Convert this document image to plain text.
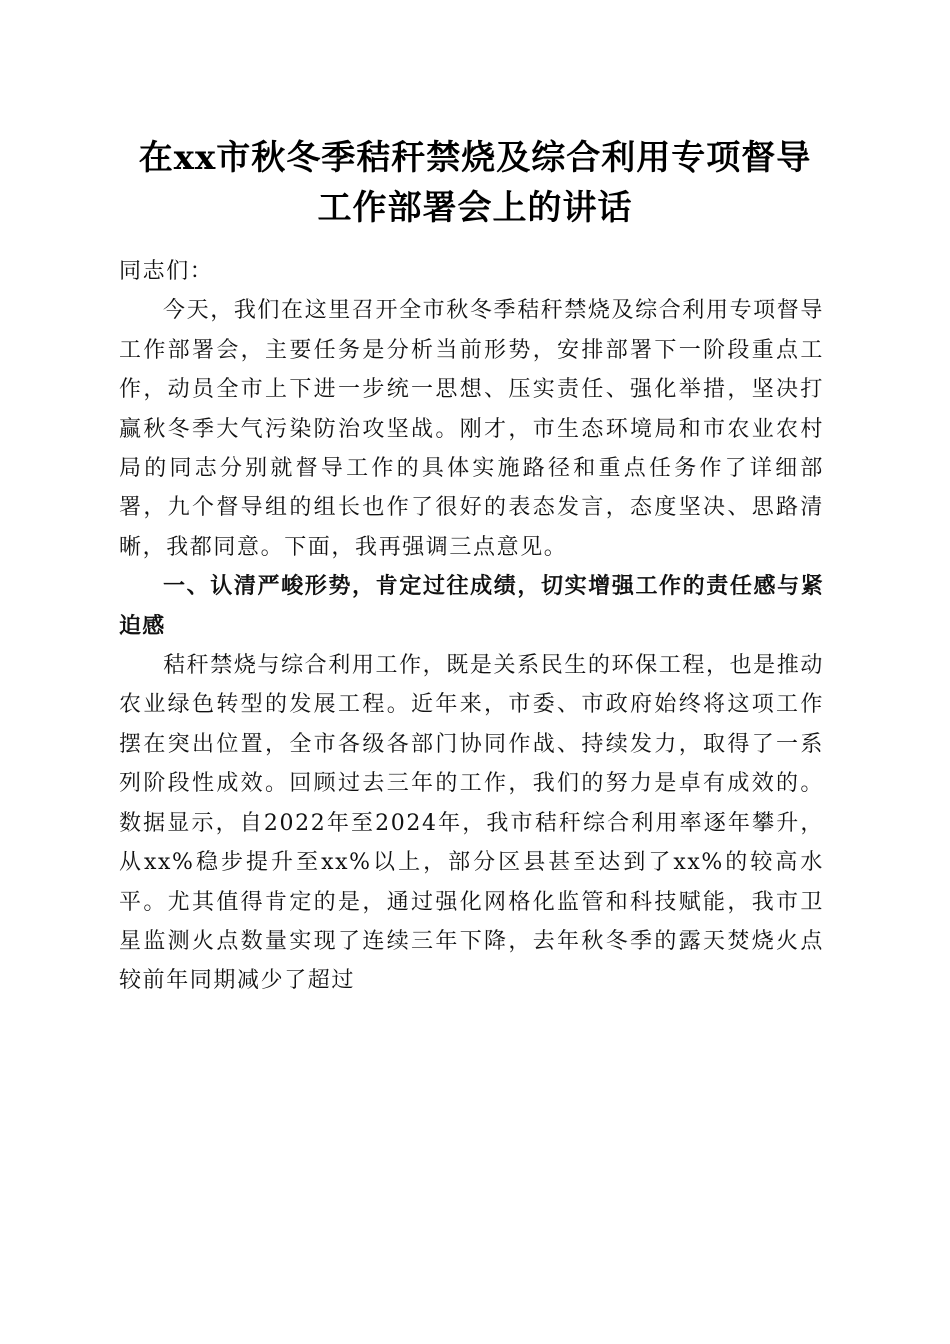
在xx市秋冬季秸秆禁烧及综合利用专项督导
工作部署会上的讲话

同志们：

今天，我们在这里召开全市秋冬季秸秆禁烧及综合利用专项督导工作部署会，主要任务是分析当前形势，安排部署下一阶段重点工作，动员全市上下进一步统一思想、压实责任、强化举措，坚决打赢秋冬季大气污染防治攻坚战。刚才，市生态环境局和市农业农村局的同志分别就督导工作的具体实施路径和重点任务作了详细部署，九个督导组的组长也作了很好的表态发言，态度坚决、思路清晰，我都同意。下面，我再强调三点意见。

一、认清严峻形势，肯定过往成绩，切实增强工作的责任感与紧迫感

秸秆禁烧与综合利用工作，既是关系民生的环保工程，也是推动农业绿色转型的发展工程。近年来，市委、市政府始终将这项工作摆在突出位置，全市各级各部门协同作战、持续发力，取得了一系列阶段性成效。回顾过去三年的工作，我们的努力是卓有成效的。数据显示，自2022年至2024年，我市秸秆综合利用率逐年攀升，从xx%稳步提升至xx%以上，部分区县甚至达到了xx%的较高水平。尤其值得肯定的是，通过强化网格化监管和科技赋能，我市卫星监测火点数量实现了连续三年下降，去年秋冬季的露天焚烧火点较前年同期减少了超过
